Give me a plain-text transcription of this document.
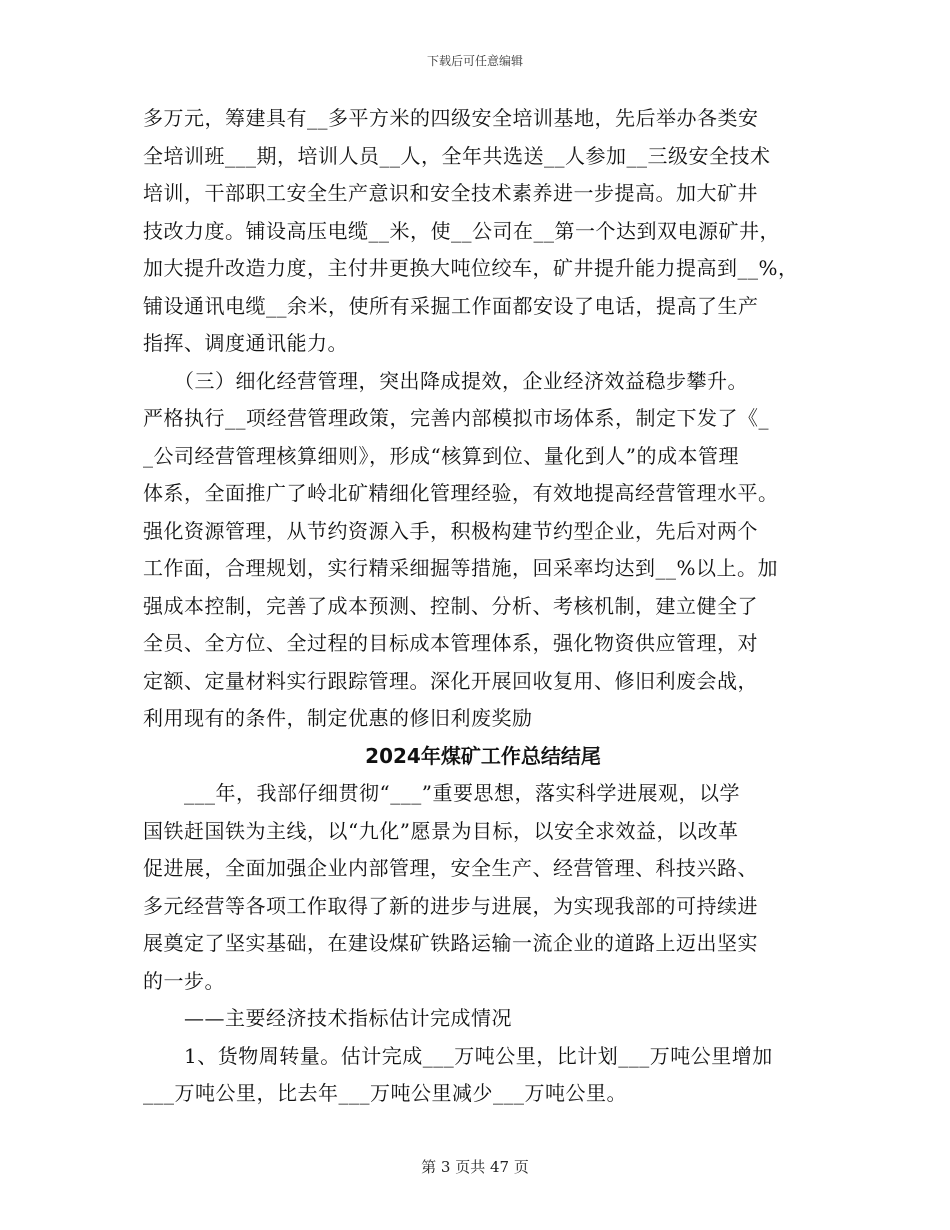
下载后可任意编辑
多万元，筹建具有__多平方米的四级安全培训基地，先后举办各类安
全培训班___期，培训人员__人，全年共选送__人参加__三级安全技术
培训，干部职工安全生产意识和安全技术素养进一步提高。加大矿井
技改力度。铺设高压电缆__米，使__公司在__第一个达到双电源矿井，
加大提升改造力度，主付井更换大吨位绞车，矿井提升能力提高到__%，
铺设通讯电缆__余米，使所有采掘工作面都安设了电话，提高了生产
指挥、调度通讯能力。
　　（三）细化经营管理，突出降成提效，企业经济效益稳步攀升。
严格执行__项经营管理政策，完善内部模拟市场体系，制定下发了《_
_公司经营管理核算细则》，形成“核算到位、量化到人”的成本管理
体系，全面推广了岭北矿精细化管理经验，有效地提高经营管理水平。
强化资源管理，从节约资源入手，积极构建节约型企业，先后对两个
工作面，合理规划，实行精采细掘等措施，回采率均达到__%以上。加
强成本控制，完善了成本预测、控制、分析、考核机制，建立健全了
全员、全方位、全过程的目标成本管理体系，强化物资供应管理，对
定额、定量材料实行跟踪管理。深化开展回收复用、修旧利废会战，
利用现有的条件，制定优惠的修旧利废奖励
2024年煤矿工作总结结尾
　　___年，我部仔细贯彻“___”重要思想，落实科学进展观，以学
国铁赶国铁为主线，以“九化”愿景为目标，以安全求效益，以改革
促进展，全面加强企业内部管理，安全生产、经营管理、科技兴路、
多元经营等各项工作取得了新的进步与进展，为实现我部的可持续进
展奠定了坚实基础，在建设煤矿铁路运输一流企业的道路上迈出坚实
的一步。
　　——主要经济技术指标估计完成情况
　　1、货物周转量。估计完成___万吨公里，比计划___万吨公里增加
___万吨公里，比去年___万吨公里减少___万吨公里。
第 3 页共 47 页
